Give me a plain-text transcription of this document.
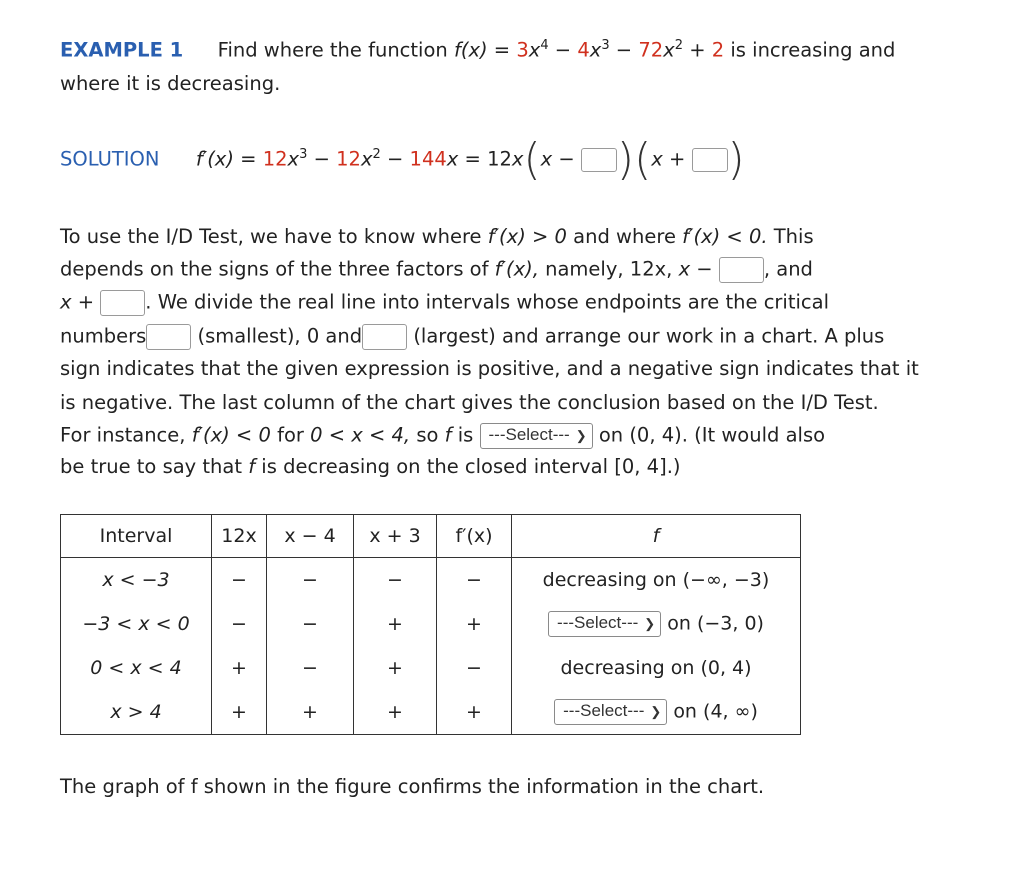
EXAMPLE 1 Find where the function $f(x) = 3x^4 - 4x^3 - 72x^2 + 2$ is increasing and
where it is decreasing.
SOLUTION $f'(x) = 12x^3 - 12x^2 - 144x = 12x(x - )(x$ + )
To use the I/D Test, we have to know where f′(x) > 0 and where f′(x) < 0. This
depends on the signs of the three factors of f′(x), namely, 12x, x −	, and
x +	. We divide the real line into intervals whose endpoints are the critical
numbers	(smallest), 0 and	(largest) and arrange our work in a chart. A plus
sign indicates that the given expression is positive, and a negative sign indicates that it
is negative. The last column of the chart gives the conclusion based on the I/D Test.
For instance, f′(x) < 0 for 0 < x < 4, so f is ---Select--- ❯ on (0, 4). (It would also
be true to say that f is decreasing on the closed interval [0, 4].)
Interval	12x	x − 4	x + 3	f′(x)	f
x < −3	−	−	−	−	decreasing on (−∞, −3)
−3 < x < 0	−	−	+	+	---Select--- ❯ on (−3, 0)
0 < x < 4	+	−	+	−	decreasing on (0, 4)
x > 4	+	+	+	+	---Select--- ❯ on (4, ∞)
The graph of f shown in the figure confirms the information in the chart.
